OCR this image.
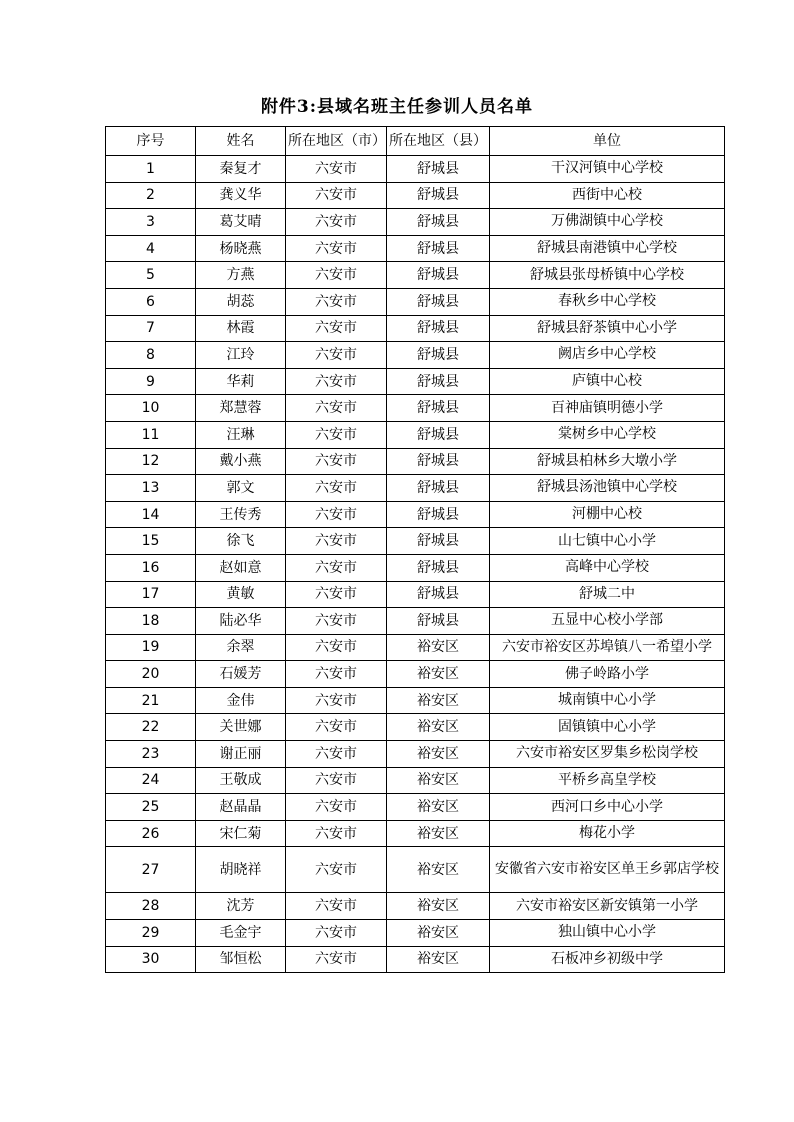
附件3:县域名班主任参训人员名单
序号	姓名	所在地区（市）	所在地区（县）	单位
1	秦复才	六安市	舒城县	干汉河镇中心学校
2	龚义华	六安市	舒城县	西街中心校
3	葛艾晴	六安市	舒城县	万佛湖镇中心学校
4	杨晓燕	六安市	舒城县	舒城县南港镇中心学校
5	方燕	六安市	舒城县	舒城县张母桥镇中心学校
6	胡蕊	六安市	舒城县	春秋乡中心学校
7	林霞	六安市	舒城县	舒城县舒茶镇中心小学
8	江玲	六安市	舒城县	阙店乡中心学校
9	华莉	六安市	舒城县	庐镇中心校
10	郑慧蓉	六安市	舒城县	百神庙镇明德小学
11	汪琳	六安市	舒城县	棠树乡中心学校
12	戴小燕	六安市	舒城县	舒城县柏林乡大墩小学
13	郭文	六安市	舒城县	舒城县汤池镇中心学校
14	王传秀	六安市	舒城县	河棚中心校
15	徐飞	六安市	舒城县	山七镇中心小学
16	赵如意	六安市	舒城县	高峰中心学校
17	黄敏	六安市	舒城县	舒城二中
18	陆必华	六安市	舒城县	五显中心校小学部
19	余翠	六安市	裕安区	六安市裕安区苏埠镇八一希望小学
20	石媛芳	六安市	裕安区	佛子岭路小学
21	金伟	六安市	裕安区	城南镇中心小学
22	关世娜	六安市	裕安区	固镇镇中心小学
23	谢正丽	六安市	裕安区	六安市裕安区罗集乡松岗学校
24	王敬成	六安市	裕安区	平桥乡高皇学校
25	赵晶晶	六安市	裕安区	西河口乡中心小学
26	宋仁菊	六安市	裕安区	梅花小学
27	胡晓祥	六安市	裕安区	安徽省六安市裕安区单王乡郭店学校
28	沈芳	六安市	裕安区	六安市裕安区新安镇第一小学
29	毛金宇	六安市	裕安区	独山镇中心小学
30	邹恒松	六安市	裕安区	石板冲乡初级中学
